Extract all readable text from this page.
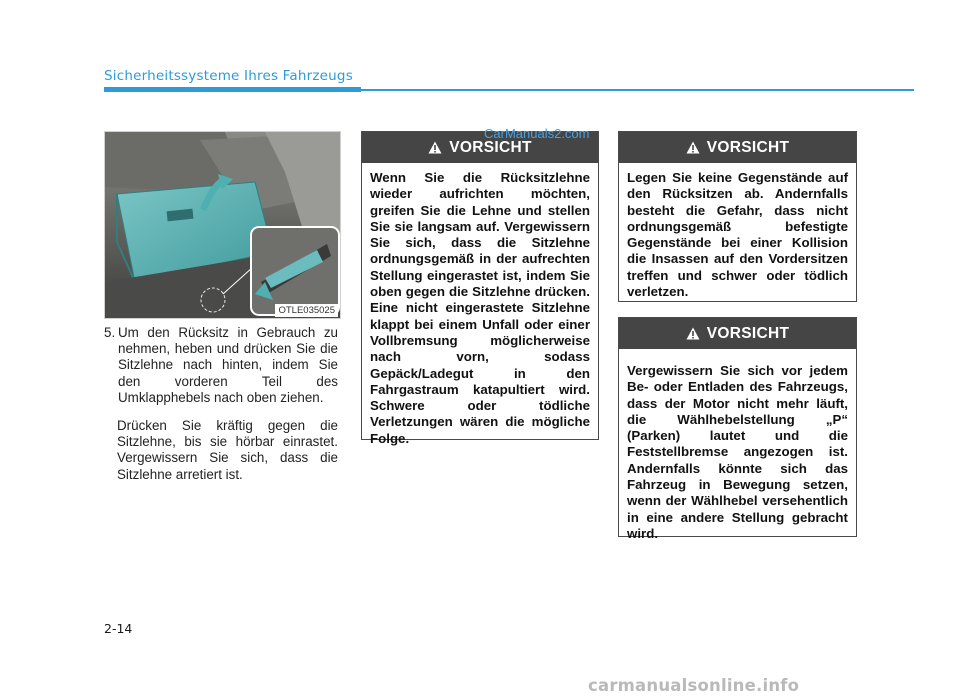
Sicherheitssysteme Ihres Fahrzeugs
OTLE035025
5. Um den Rücksitz in Gebrauch zu nehmen, heben und drücken Sie die Sitzlehne nach hinten, indem Sie den vorderen Teil des Umklapphebels nach oben ziehen.
Drücken Sie kräftig gegen die Sitzlehne, bis sie hörbar einrastet. Vergewissern Sie sich, dass die Sitzlehne arretiert ist.
VORSICHT
Wenn Sie die Rücksitzlehne wieder aufrichten möchten, greifen Sie die Lehne und stellen Sie sie langsam auf. Vergewissern Sie sich, dass die Sitzlehne ordnungsgemäß in der aufrechten Stellung eingerastet ist, indem Sie oben gegen die Sitzlehne drücken. Eine nicht eingerastete Sitzlehne klappt bei einem Unfall oder einer Vollbremsung möglicherweise nach vorn, sodass Gepäck/Ladegut in den Fahrgastraum katapultiert wird. Schwere oder tödliche Verletzungen wären die mögliche Folge.
VORSICHT
Legen Sie keine Gegenstände auf den Rücksitzen ab. Andernfalls besteht die Gefahr, dass nicht ordnungsgemäß befestigte Gegenstände bei einer Kollision die Insassen auf den Vordersitzen treffen und schwer oder tödlich verletzen.
VORSICHT
Vergewissern Sie sich vor jedem Be- oder Entladen des Fahrzeugs, dass der Motor nicht mehr läuft, die Wählhebelstellung „P“ (Parken) lautet und die Feststellbremse angezogen ist. Andernfalls könnte sich das Fahrzeug in Bewegung setzen, wenn der Wählhebel versehentlich in eine andere Stellung gebracht wird.
CarManuals2.com
2-14
carmanualsonline.info
